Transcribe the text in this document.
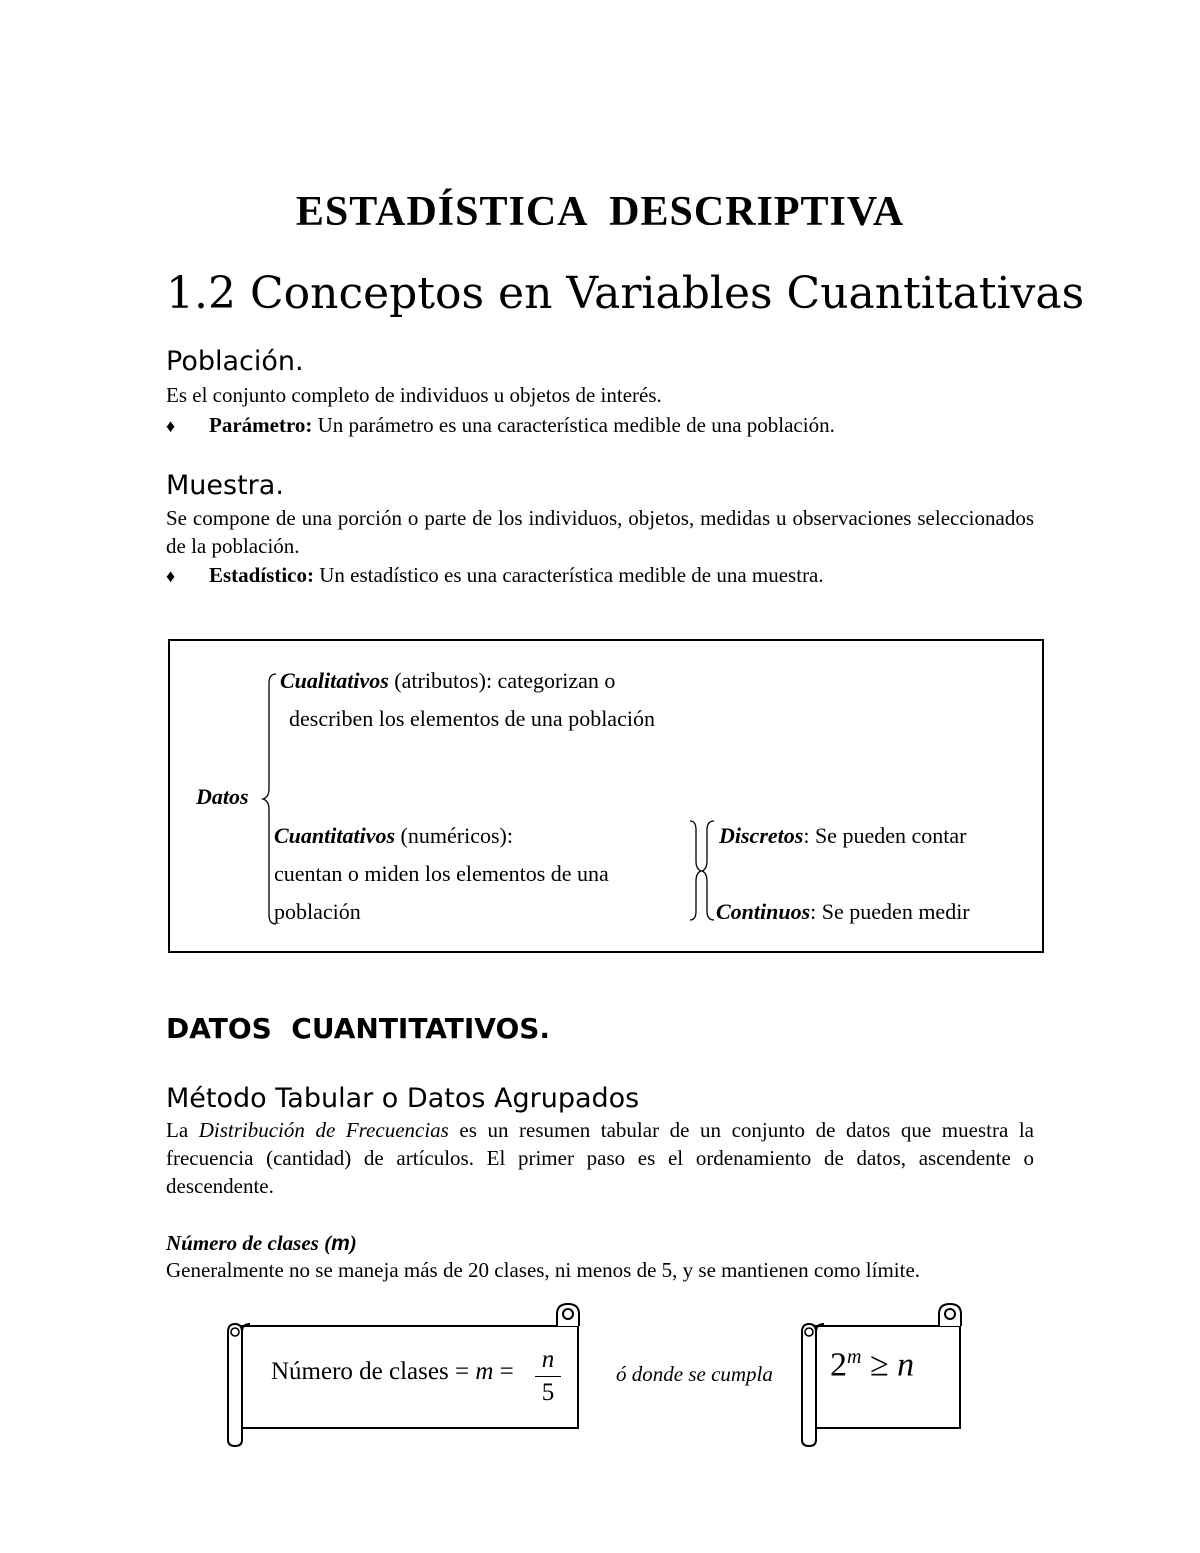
ESTADÍSTICA  DESCRIPTIVA
1.2 Conceptos en Variables Cuantitativas
Población.
Es el conjunto completo de individuos u objetos de interés.
♦ Parámetro: Un parámetro es una característica medible de una población.
Muestra.
Se compone de una porción o parte de los individuos, objetos, medidas u observaciones seleccionados de la población.
♦ Estadístico: Un estadístico es una característica medible de una muestra.
Datos
Cualitativos (atributos): categorizan o
describen los elementos de una población
Cuantitativos (numéricos):
cuentan o miden los elementos de una
población
Discretos: Se pueden contar
Continuos: Se pueden medir
DATOS  CUANTITATIVOS.
Método Tabular o Datos Agrupados
La Distribución de Frecuencias es un resumen tabular de un conjunto de datos que muestra la frecuencia (cantidad) de artículos. El primer paso es el ordenamiento de datos, ascendente o descendente.
Número de clases (m)
Generalmente no se maneja más de 20 clases, ni menos de 5, y se mantienen como límite.
Número de clases = m = n
5
ó donde se cumpla $2^m \ge n$
